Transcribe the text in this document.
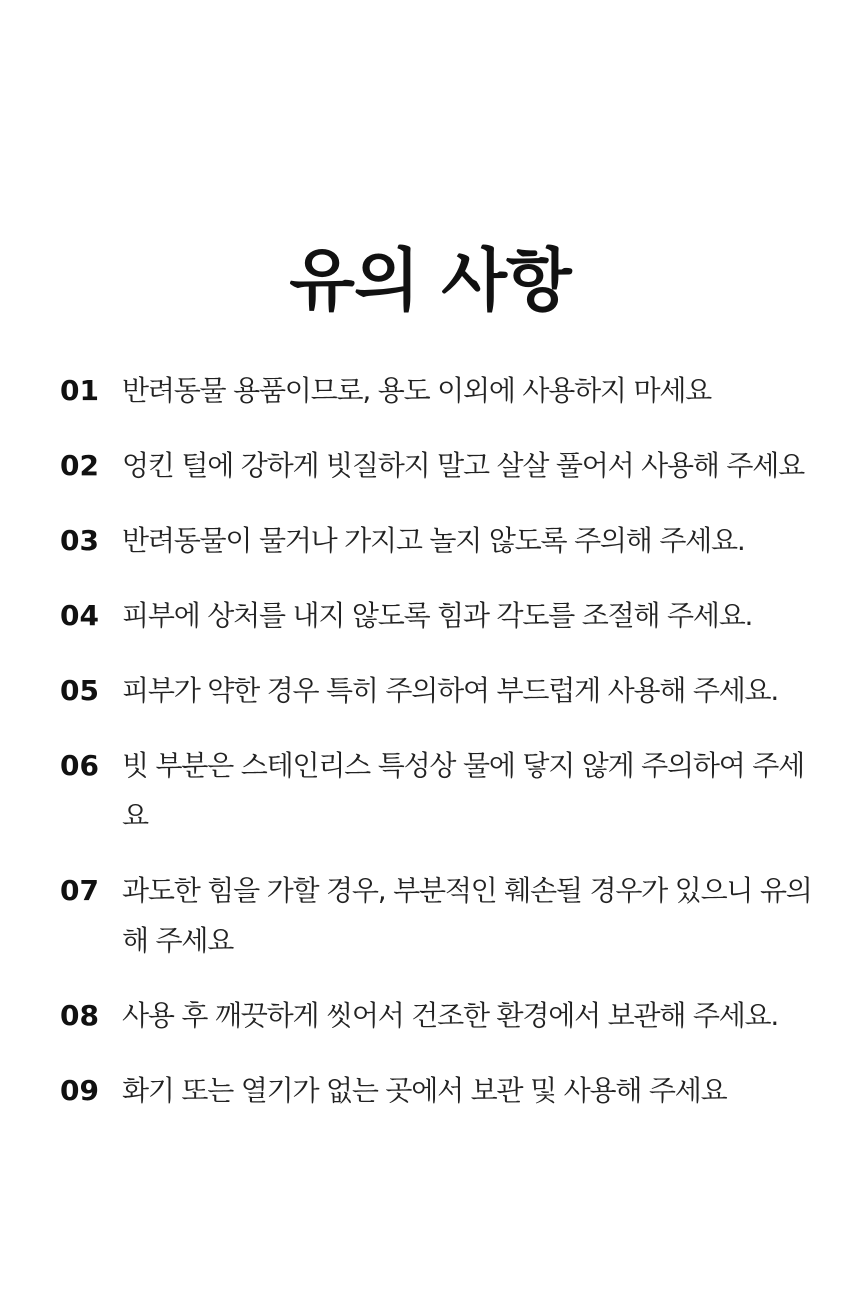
유의 사항
01 반려동물 용품이므로, 용도 이외에 사용하지 마세요
02 엉킨 털에 강하게 빗질하지 말고 살살 풀어서 사용해 주세요
03 반려동물이 물거나 가지고 놀지 않도록 주의해 주세요.
04 피부에 상처를 내지 않도록 힘과 각도를 조절해 주세요.
05 피부가 약한 경우 특히 주의하여 부드럽게 사용해 주세요.
06 빗 부분은 스테인리스 특성상 물에 닿지 않게 주의하여 주세요
07 과도한 힘을 가할 경우, 부분적인 훼손될 경우가 있으니 유의해 주세요
08 사용 후 깨끗하게 씻어서 건조한 환경에서 보관해 주세요.
09 화기 또는 열기가 없는 곳에서 보관 및 사용해 주세요
